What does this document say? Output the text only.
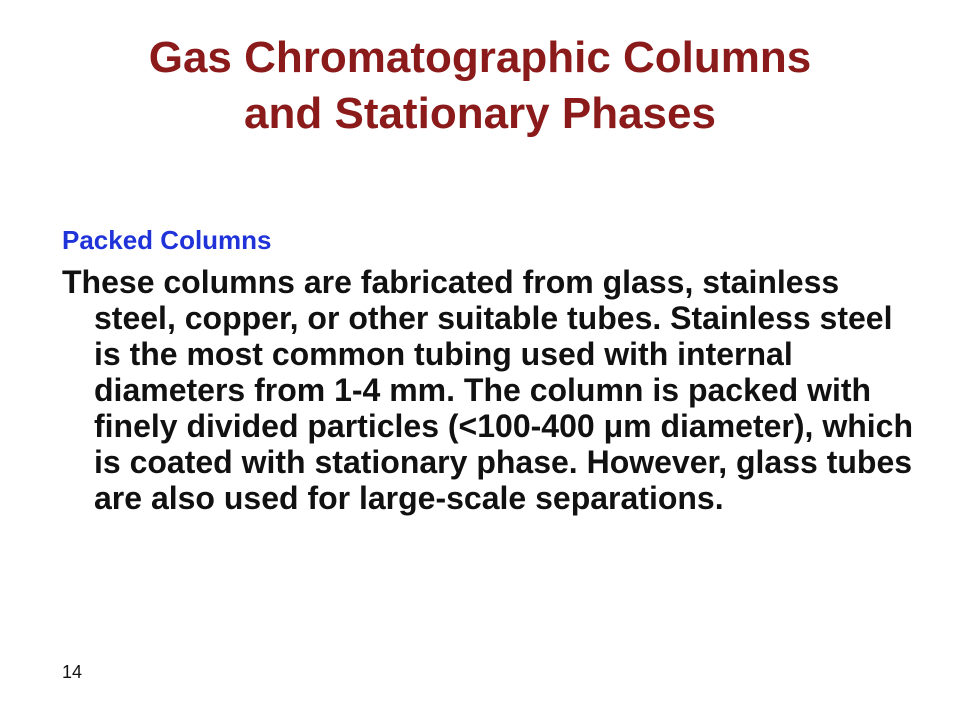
Gas Chromatographic Columns
and Stationary Phases
Packed Columns

These columns are fabricated from glass, stainless steel, copper, or other suitable tubes. Stainless steel is the most common tubing used with internal diameters from 1-4 mm. The column is packed with finely divided particles (<100-400 μm diameter), which is coated with stationary phase. However, glass tubes are also used for large-scale separations.

14
